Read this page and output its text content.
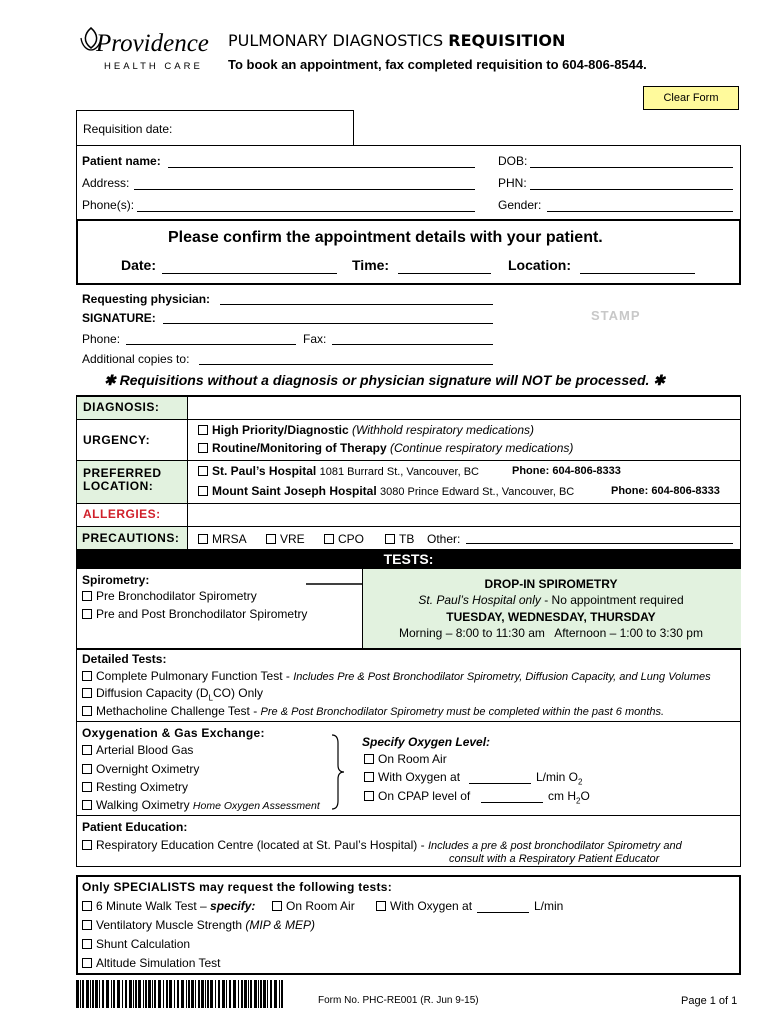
Providence
HEALTH CARE
PULMONARY DIAGNOSTICS REQUISITION
To book an appointment, fax completed requisition to 604-806-8544.
Clear Form
Requisition date:
Patient name:	DOB:
Address:	PHN:
Phone(s):	Gender:
Please confirm the appointment details with your patient.
Date:	Time:	Location:
Requesting physician:
SIGNATURE:
Phone:	Fax:
Additional copies to:
STAMP
✱ Requisitions without a diagnosis or physician signature will NOT be processed. ✱
DIAGNOSIS:
URGENCY:
High Priority/Diagnostic (Withhold respiratory medications)
Routine/Monitoring of Therapy (Continue respiratory medications)
PREFERRED
LOCATION:
St. Paul’s Hospital 1081 Burrard St., Vancouver, BC	Phone: 604-806-8333
Mount Saint Joseph Hospital 3080 Prince Edward St., Vancouver, BC	Phone: 604-806-8333
ALLERGIES:
PRECAUTIONS:	MRSA	VRE	CPO	TB Other:
TESTS:
Spirometry:
Pre Bronchodilator Spirometry
Pre and Post Bronchodilator Spirometry
DROP-IN SPIROMETRY
St. Paul’s Hospital only - No appointment required
TUESDAY, WEDNESDAY, THURSDAY
Morning – 8:00 to 11:30 am   Afternoon – 1:00 to 3:30 pm
Detailed Tests:
Complete Pulmonary Function Test - Includes Pre & Post Bronchodilator Spirometry, Diffusion Capacity, and Lung Volumes
Diffusion Capacity $(D_LCO)$ Only
Methacholine Challenge Test - Pre & Post Bronchodilator Spirometry must be completed within the past 6 months.
Oxygenation & Gas Exchange:
Arterial Blood Gas
Overnight Oximetry
Resting Oximetry
Walking Oximetry Home Oxygen Assessment
Specify Oxygen Level:
On Room Air
With Oxygen at	L/min $O_2$
On CPAP level of	cm $H_2O$
Patient Education:
Respiratory Education Centre (located at St. Paul’s Hospital) - Includes a pre & post bronchodilator Spirometry and
consult with a Respiratory Patient Educator
Only SPECIALISTS may request the following tests:
6 Minute Walk Test – specify:	On Room Air	With Oxygen at	L/min
Ventilatory Muscle Strength (MIP & MEP)
Shunt Calculation
Altitude Simulation Test
Form No. PHC-RE001 (R. Jun 9-15)	Page 1 of 1
